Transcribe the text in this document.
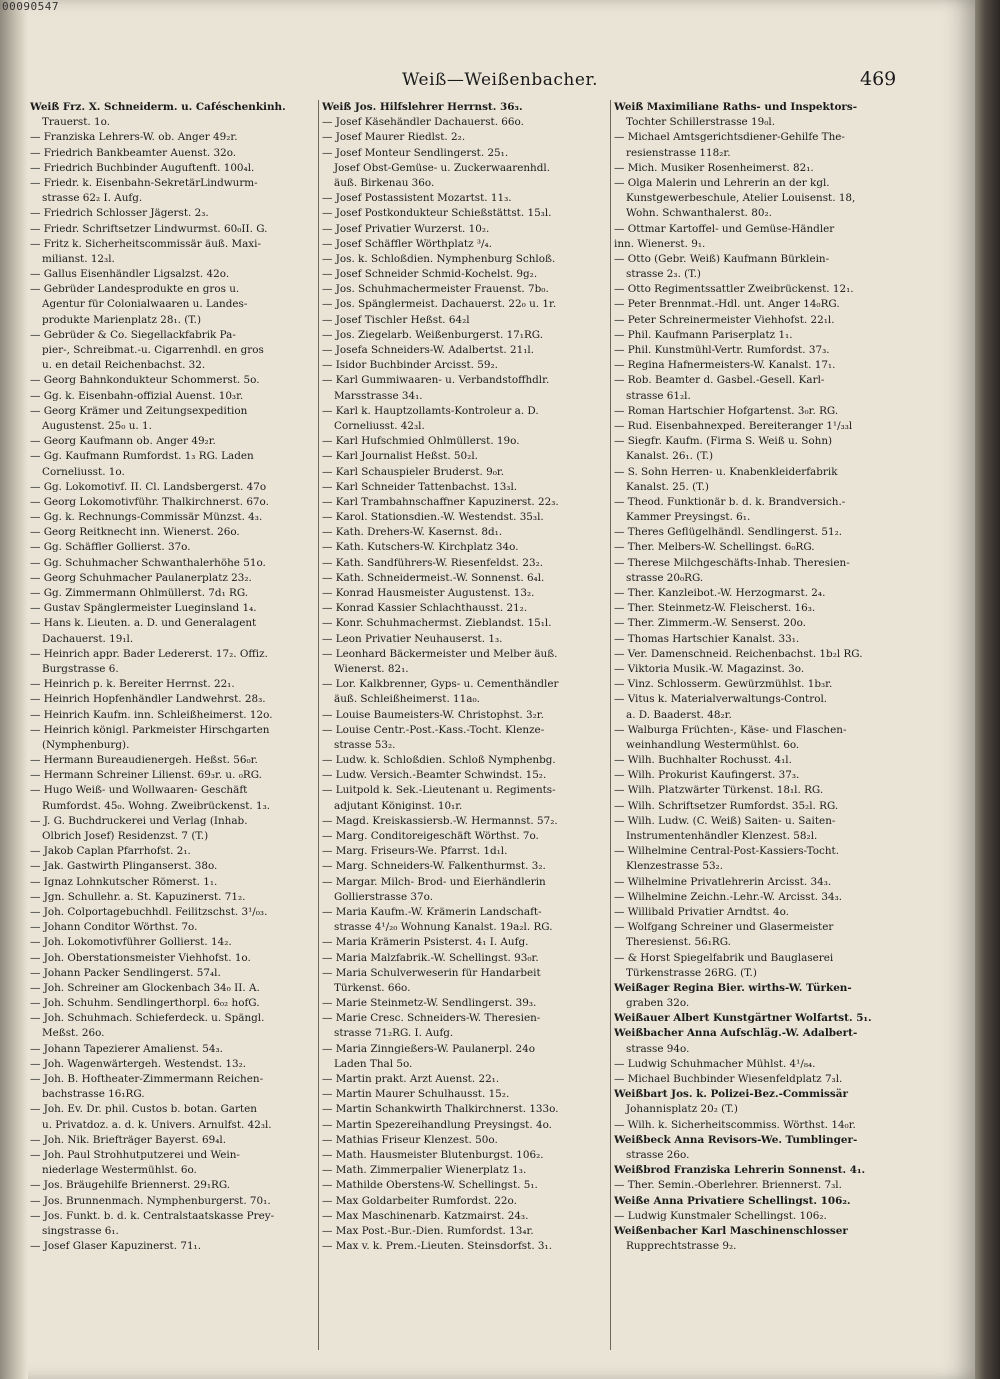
00090547
Weiß—Weißenbacher.	469
Weiß Frz. X. Schneiderm. u. Caféschenkinh.
Trauerst. 1o.
— Franziska Lehrers-W. ob. Anger 49₂r.
— Friedrich Bankbeamter Auenst. 32o.
— Friedrich Buchbinder Auguftenft. 100₄l.
— Friedr. k. Eisenbahn-SekretärLindwurm-
strasse 62₂ I. Aufg.
— Friedrich Schlosser Jägerst. 2₃.
— Friedr. Schriftsetzer Lindwurmst. 60₀II. G.
— Fritz k. Sicherheitscommissär äuß. Maxi-
milianst. 12₃l.
— Gallus Eisenhändler Ligsalzst. 42o.
— Gebrüder Landesprodukte en gros u.
Agentur für Colonialwaaren u. Landes-
produkte Marienplatz 28₁. (T.)
— Gebrüder & Co. Siegellackfabrik Pa-
pier-, Schreibmat.-u. Cigarrenhdl. en gros
u. en detail Reichenbachst. 32.
— Georg Bahnkondukteur Schommerst. 5o.
— Gg. k. Eisenbahn-offizial Auenst. 10₃r.
— Georg Krämer und Zeitungsexpedition
Augustenst. 25₀ u. 1.
— Georg Kaufmann ob. Anger 49₂r.
— Gg. Kaufmann Rumfordst. 1₃ RG. Laden
Corneliusst. 1o.
— Gg. Lokomotivf. II. Cl. Landsbergerst. 47o
— Georg Lokomotivführ. Thalkirchnerst. 67o.
— Gg. k. Rechnungs-Commissär Münzst. 4₃.
— Georg Reitknecht inn. Wienerst. 26o.
— Gg. Schäffler Gollierst. 37o.
— Gg. Schuhmacher Schwanthalerhöhe 51o.
— Georg Schuhmacher Paulanerplatz 23₂.
— Gg. Zimmermann Ohlmüllerst. 7d₁ RG.
— Gustav Spänglermeister Lueginsland 1₄.
— Hans k. Lieuten. a. D. und Generalagent
Dachauerst. 19₁l.
— Heinrich appr. Bader Ledererst. 17₂. Offiz.
Burgstrasse 6.
— Heinrich p. k. Bereiter Herrnst. 22₁.
— Heinrich Hopfenhändler Landwehrst. 28₃.
— Heinrich Kaufm. inn. Schleißheimerst. 12o.
— Heinrich königl. Parkmeister Hirschgarten
(Nymphenburg).
— Hermann Bureaudienergeh. Heßst. 56₀r.
— Hermann Schreiner Lilienst. 69₃r. u. ₀RG.
— Hugo Weiß- und Wollwaaren- Geschäft
Rumfordst. 45₀. Wohng. Zweibrückenst. 1₃.
— J. G. Buchdruckerei und Verlag (Inhab.
Olbrich Josef) Residenzst. 7 (T.)
— Jakob Caplan Pfarrhofst. 2₁.
— Jak. Gastwirth Plinganserst. 38o.
— Ignaz Lohnkutscher Römerst. 1₁.
— Jgn. Schullehr. a. St. Kapuzinerst. 71₂.
— Joh. Colportagebuchhdl. Feilitzschst. 3¹/₀₃.
— Johann Conditor Wörthst. 7o.
— Joh. Lokomotivführer Gollierst. 14₂.
— Joh. Oberstationsmeister Viehhofst. 1o.
— Johann Packer Sendlingerst. 57₄l.
— Joh. Schreiner am Glockenbach 34₀ II. A.
— Joh. Schuhm. Sendlingerthorpl. 6₀₂ hofG.
— Joh. Schuhmach. Schieferdeck. u. Spängl.
Meßst. 26o.
— Johann Tapezierer Amalienst. 54₃.
— Joh. Wagenwärtergeh. Westendst. 13₂.
— Joh. B. Hoftheater-Zimmermann Reichen-
bachstrasse 16₁RG.
— Joh. Ev. Dr. phil. Custos b. botan. Garten
u. Privatdoz. a. d. k. Univers. Arnulfst. 42₃l.
— Joh. Nik. Briefträger Bayerst. 69₄l.
— Joh. Paul Strohhutputzerei und Wein-
niederlage Westermühlst. 6o.
— Jos. Bräugehilfe Briennerst. 29₁RG.
— Jos. Brunnenmach. Nymphenburgerst. 70₁.
— Jos. Funkt. b. d. k. Centralstaatskasse Prey-
singstrasse 6₁.
— Josef Glaser Kapuzinerst. 71₁.
Weiß Jos. Hilfslehrer Herrnst. 36₃.
— Josef Käsehändler Dachauerst. 66o.
— Josef Maurer Riedlst. 2₂.
— Josef Monteur Sendlingerst. 25₁.
Josef Obst-Gemüse- u. Zuckerwaarenhdl.
äuß. Birkenau 36o.
— Josef Postassistent Mozartst. 11₃.
— Josef Postkondukteur Schießstättst. 15₃l.
— Josef Privatier Wurzerst. 10₂.
— Josef Schäffler Wörthplatz ³/₄.
— Jos. k. Schloßdien. Nymphenburg Schloß.
— Josef Schneider Schmid-Kochelst. 9g₂.
— Jos. Schuhmachermeister Frauenst. 7b₀.
— Jos. Spänglermeist. Dachauerst. 22₀ u. 1r.
— Josef Tischler Heßst. 64₂l
— Jos. Ziegelarb. Weißenburgerst. 17₁RG.
— Josefa Schneiders-W. Adalbertst. 21₁l.
— Isidor Buchbinder Arcisst. 59₂.
— Karl Gummiwaaren- u. Verbandstoffhdlr.
Marsstrasse 34₁.
— Karl k. Hauptzollamts-Kontroleur a. D.
Corneliusst. 42₃l.
— Karl Hufschmied Ohlmüllerst. 19o.
— Karl Journalist Heßst. 50₂l.
— Karl Schauspieler Bruderst. 9₀r.
— Karl Schneider Tattenbachst. 13₃l.
— Karl Trambahnschaffner Kapuzinerst. 22₃.
— Karol. Stationsdien.-W. Westendst. 35₃l.
— Kath. Drehers-W. Kasernst. 8d₁.
— Kath. Kutschers-W. Kirchplatz 34o.
— Kath. Sandführers-W. Riesenfeldst. 23₂.
— Kath. Schneidermeist.-W. Sonnenst. 6₄l.
— Konrad Hausmeister Augustenst. 13₂.
— Konrad Kassier Schlachthausst. 21₂.
— Konr. Schuhmachermst. Zieblandst. 15₁l.
— Leon Privatier Neuhauserst. 1₃.
— Leonhard Bäckermeister und Melber äuß.
Wienerst. 82₁.
— Lor. Kalkbrenner, Gyps- u. Cementhändler
äuß. Schleißheimerst. 11a₀.
— Louise Baumeisters-W. Christophst. 3₂r.
— Louise Centr.-Post.-Kass.-Tocht. Klenze-
strasse 53₂.
— Ludw. k. Schloßdien. Schloß Nymphenbg.
— Ludw. Versich.-Beamter Schwindst. 15₂.
— Luitpold k. Sek.-Lieutenant u. Regiments-
adjutant Königinst. 10₁r.
— Magd. Kreiskassiersb.-W. Hermannst. 57₂.
— Marg. Conditoreigeschäft Wörthst. 7o.
— Marg. Friseurs-We. Pfarrst. 1d₁l.
— Marg. Schneiders-W. Falkenthurmst. 3₂.
— Margar. Milch- Brod- und Eierhändlerin
Gollierstrasse 37o.
— Maria Kaufm.-W. Krämerin Landschaft-
strasse 4¹/₂₀ Wohnung Kanalst. 19a₂l. RG.
— Maria Krämerin Psisterst. 4₁ I. Aufg.
— Maria Malzfabrik.-W. Schellingst. 93₀r.
— Maria Schulverweserin für Handarbeit
Türkenst. 66o.
— Marie Steinmetz-W. Sendlingerst. 39₃.
— Marie Cresc. Schneiders-W. Theresien-
strasse 71₂RG. I. Aufg.
— Maria Zinngießers-W. Paulanerpl. 24o
Laden Thal 5o.
— Martin prakt. Arzt Auenst. 22₁.
— Martin Maurer Schulhausst. 15₂.
— Martin Schankwirth Thalkirchnerst. 133o.
— Martin Spezereihandlung Preysingst. 4o.
— Mathias Friseur Klenzest. 50o.
— Math. Hausmeister Blutenburgst. 106₂.
— Math. Zimmerpalier Wienerplatz 1₃.
— Mathilde Oberstens-W. Schellingst. 5₁.
— Max Goldarbeiter Rumfordst. 22o.
— Max Maschinenarb. Katzmairst. 24₃.
— Max Post.-Bur.-Dien. Rumfordst. 13₄r.
— Max v. k. Prem.-Lieuten. Steinsdorfst. 3₁.
Weiß Maximiliane Raths- und Inspektors-
Tochter Schillerstrasse 19₀l.
— Michael Amtsgerichtsdiener-Gehilfe The-
resienstrasse 118₂r.
— Mich. Musiker Rosenheimerst. 82₁.
— Olga Malerin und Lehrerin an der kgl.
Kunstgewerbeschule, Atelier Louisenst. 18,
Wohn. Schwanthalerst. 80₂.
— Ottmar Kartoffel- und Gemüse-Händler
inn. Wienerst. 9₁.
— Otto (Gebr. Weiß) Kaufmann Bürklein-
strasse 2₃. (T.)
— Otto Regimentssattler Zweibrückenst. 12₁.
— Peter Brennmat.-Hdl. unt. Anger 14₀RG.
— Peter Schreinermeister Viehhofst. 22₁l.
— Phil. Kaufmann Pariserplatz 1₁.
— Phil. Kunstmühl-Vertr. Rumfordst. 37₃.
— Regina Hafnermeisters-W. Kanalst. 17₁.
— Rob. Beamter d. Gasbel.-Gesell. Karl-
strasse 61₂l.
— Roman Hartschier Hofgartenst. 3₀r. RG.
— Rud. Eisenbahnexped. Bereiteranger 1¹/₃₃l
— Siegfr. Kaufm. (Firma S. Weiß u. Sohn)
Kanalst. 26₁. (T.)
— S. Sohn Herren- u. Knabenkleiderfabrik
Kanalst. 25. (T.)
— Theod. Funktionär b. d. k. Brandversich.-
Kammer Preysingst. 6₁.
— Theres Geflügelhändl. Sendlingerst. 51₂.
— Ther. Melbers-W. Schellingst. 6₀RG.
— Therese Milchgeschäfts-Inhab. Theresien-
strasse 20₀RG.
— Ther. Kanzleibot.-W. Herzogmarst. 2₄.
— Ther. Steinmetz-W. Fleischerst. 16₃.
— Ther. Zimmerm.-W. Senserst. 20o.
— Thomas Hartschier Kanalst. 33₁.
— Ver. Damenschneid. Reichenbachst. 1b₂l RG.
— Viktoria Musik.-W. Magazinst. 3o.
— Vinz. Schlosserm. Gewürzmühlst. 1b₃r.
— Vitus k. Materialverwaltungs-Control.
a. D. Baaderst. 48₂r.
— Walburga Früchten-, Käse- und Flaschen-
weinhandlung Westermühlst. 6o.
— Wilh. Buchhalter Rochusst. 4₁l.
— Wilh. Prokurist Kaufingerst. 37₃.
— Wilh. Platzwärter Türkenst. 18₁l. RG.
— Wilh. Schriftsetzer Rumfordst. 35₂l. RG.
— Wilh. Ludw. (C. Weiß) Saiten- u. Saiten-
Instrumentenhändler Klenzest. 58₂l.
— Wilhelmine Central-Post-Kassiers-Tocht.
Klenzestrasse 53₂.
— Wilhelmine Privatlehrerin Arcisst. 34₃.
— Wilhelmine Zeichn.-Lehr.-W. Arcisst. 34₃.
— Willibald Privatier Arndtst. 4o.
— Wolfgang Schreiner und Glasermeister
Theresienst. 56₁RG.
— & Horst Spiegelfabrik und Bauglaserei
Türkenstrasse 26RG. (T.)
Weißager Regina Bier. wirths-W. Türken-
graben 32o.
Weißauer Albert Kunstgärtner Wolfartst. 5₁.
Weißbacher Anna Aufschläg.-W. Adalbert-
strasse 94o.
— Ludwig Schuhmacher Mühlst. 4¹/₈₄.
— Michael Buchbinder Wiesenfeldplatz 7₃l.
Weißbart Jos. k. Polizei-Bez.-Commissär
Johannisplatz 20₂ (T.)
— Wilh. k. Sicherheitscommiss. Wörthst. 14₀r.
Weißbeck Anna Revisors-We. Tumblinger-
strasse 26o.
Weißbrod Franziska Lehrerin Sonnenst. 4₁.
— Ther. Semin.-Oberlehrer. Briennerst. 7₃l.
Weiße Anna Privatiere Schellingst. 106₂.
— Ludwig Kunstmaler Schellingst. 106₂.
Weißenbacher Karl Maschinenschlosser
Rupprechtstrasse 9₂.
